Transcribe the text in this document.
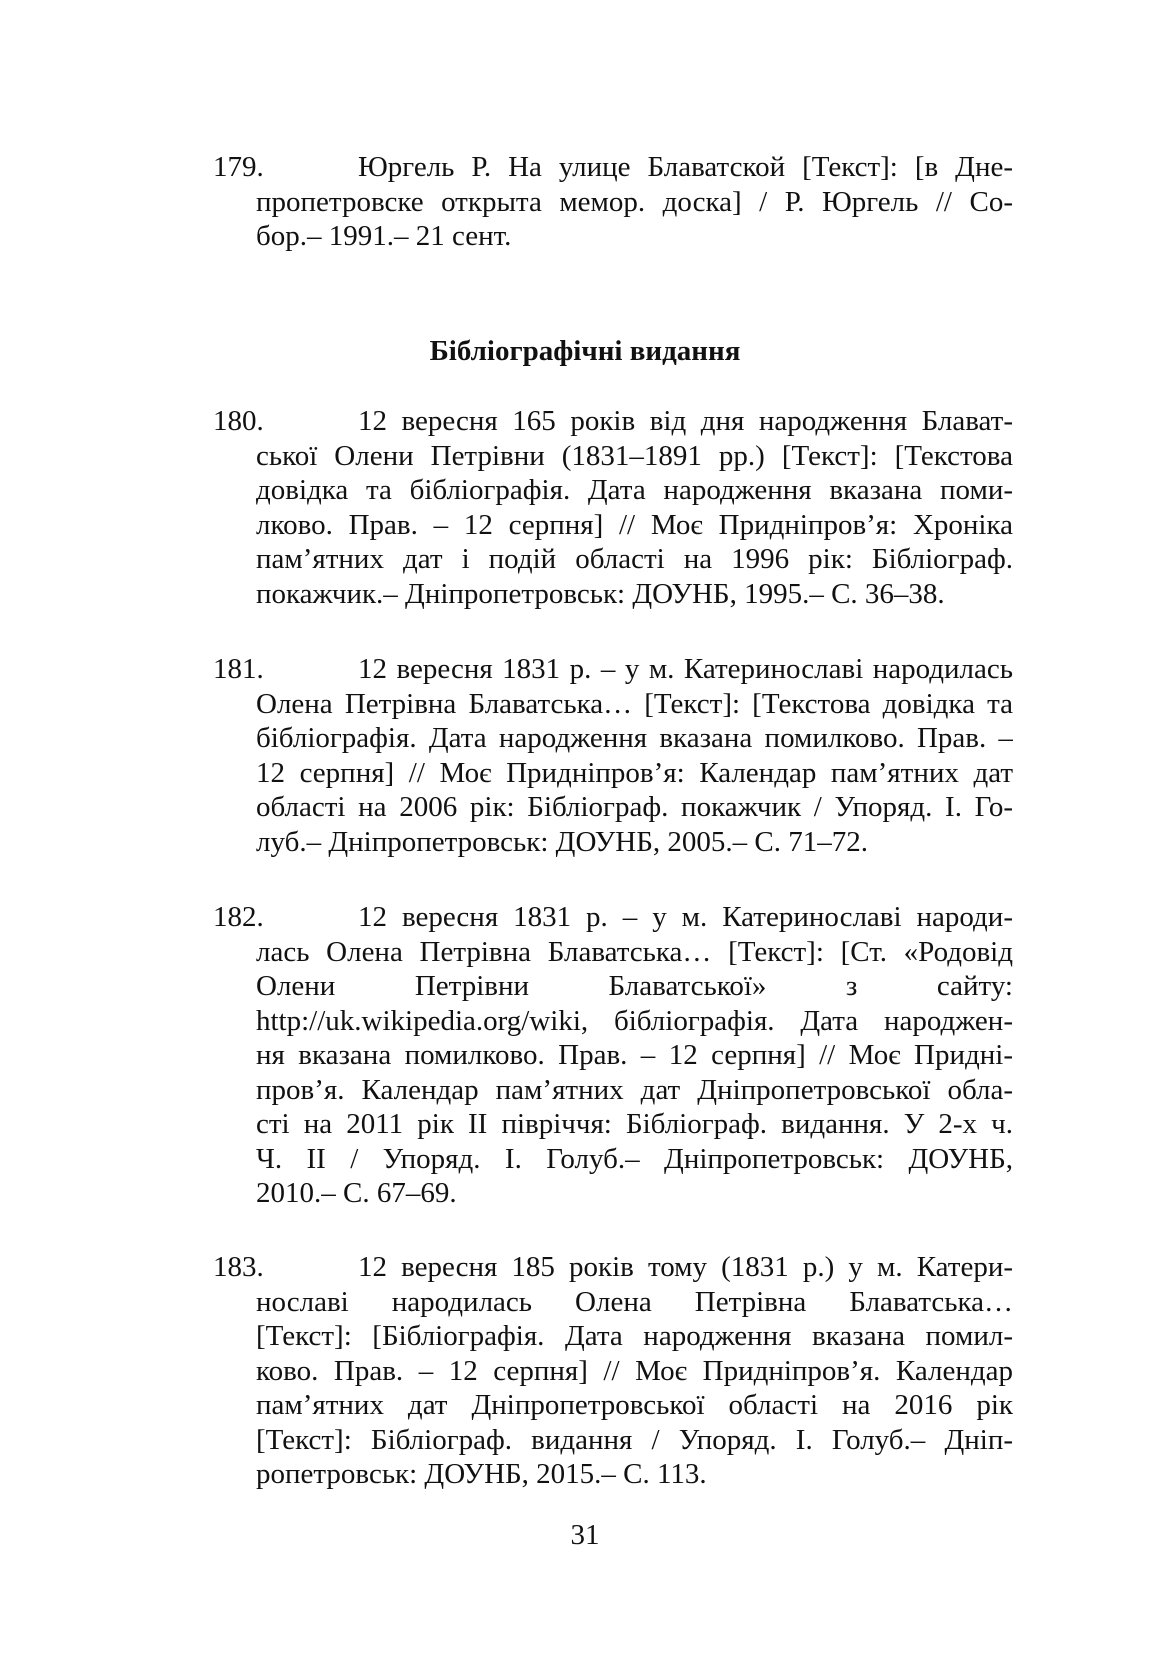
179.	Юргель Р. На улице Блаватской [Текст]: [в Дне-
пропетровске открыта мемор. доска] / Р. Юргель // Со-
бор.– 1991.– 21 сент.
Бібліографічні видання
180.	12 вересня 165 років від дня народження Блават-
ської Олени Петрівни (1831–1891 рр.) [Текст]: [Текстова
довідка та бібліографія. Дата народження вказана поми-
лково. Прав. – 12 серпня] // Моє Придніпров’я: Хроніка
пам’ятних дат і подій області на 1996 рік: Бібліограф.
покажчик.– Дніпропетровськ: ДОУНБ, 1995.– С. 36–38.
181.	12 вересня 1831 р. – у м. Катеринославі народилась
Олена Петрівна Блаватська… [Текст]: [Текстова довідка та
бібліографія. Дата народження вказана помилково. Прав. –
12 серпня] // Моє Придніпров’я: Календар пам’ятних дат
області на 2006 рік: Бібліограф. покажчик / Упоряд. І. Го-
луб.– Дніпропетровськ: ДОУНБ, 2005.– С. 71–72.
182.	12 вересня 1831 р. – у м. Катеринославі народи-
лась Олена Петрівна Блаватська… [Текст]: [Ст. «Родовід
Олени Петрівни Блаватської» з сайту:
http://uk.wikipedia.org/wiki, бібліографія. Дата народжен-
ня вказана помилково. Прав. – 12 серпня] // Моє Придні-
пров’я. Календар пам’ятних дат Дніпропетровської обла-
сті на 2011 рік ІІ півріччя: Бібліограф. видання. У 2-х ч.
Ч. ІІ / Упоряд. І. Голуб.– Дніпропетровськ: ДОУНБ,
2010.– С. 67–69.
183.	12 вересня 185 років тому (1831 р.) у м. Катери-
нославі народилась Олена Петрівна Блаватська…
[Текст]: [Бібліографія. Дата народження вказана помил-
ково. Прав. – 12 серпня] // Моє Придніпров’я. Календар
пам’ятних дат Дніпропетровської області на 2016 рік
[Текст]: Бібліограф. видання / Упоряд. І. Голуб.– Дніп-
ропетровськ: ДОУНБ, 2015.– С. 113.
31
